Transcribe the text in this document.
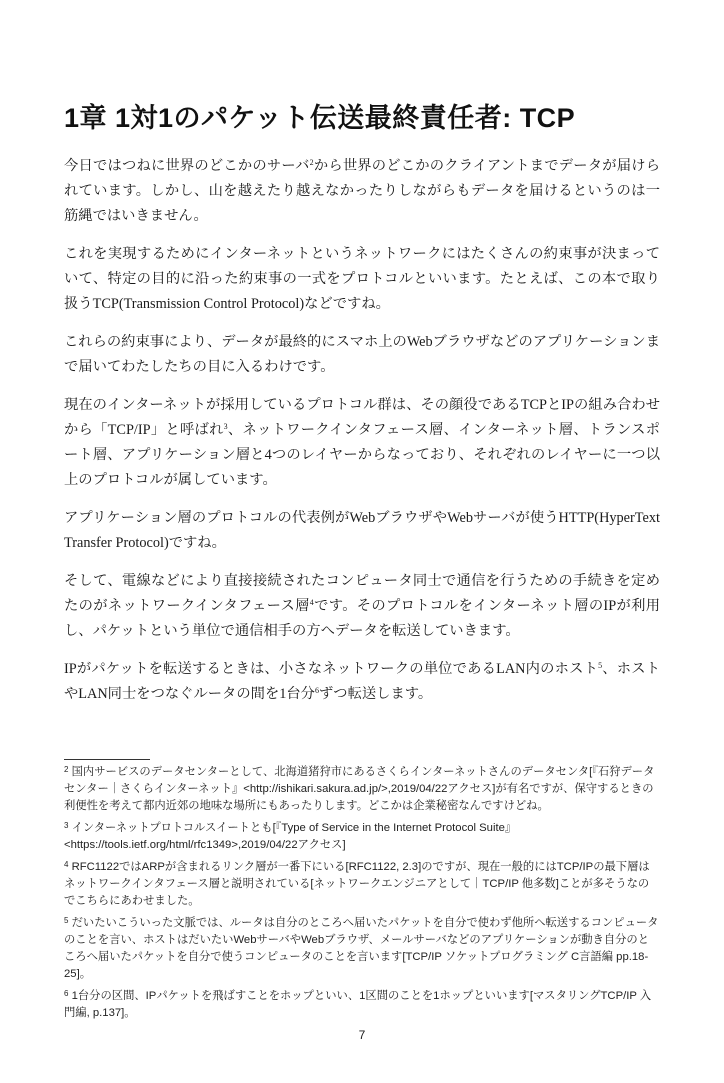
1章 1対1のパケット伝送最終責任者: TCP

今日ではつねに世界のどこかのサーバ$^2$から世界のどこかのクライアントまでデータが届けられています。しかし、山を越えたり越えなかったりしながらもデータを届けるというのは一筋縄ではいきません。

これを実現するためにインターネットというネットワークにはたくさんの約束事が決まっていて、特定の目的に沿った約束事の一式をプロトコルといいます。たとえば、この本で取り扱うTCP(Transmission Control Protocol)などですね。

これらの約束事により、データが最終的にスマホ上のWebブラウザなどのアプリケーションまで届いてわたしたちの目に入るわけです。

現在のインターネットが採用しているプロトコル群は、その顔役であるTCPとIPの組み合わせから「TCP/IP」と呼ばれ$^3$、ネットワークインタフェース層、インターネット層、トランスポート層、アプリケーション層と4つのレイヤーからなっており、それぞれのレイヤーに一つ以上のプロトコルが属しています。

アプリケーション層のプロトコルの代表例がWebブラウザやWebサーバが使うHTTP(HyperText Transfer Protocol)ですね。

そして、電線などにより直接接続されたコンピュータ同士で通信を行うための手続きを定めたのがネットワークインタフェース層$^4$です。そのプロトコルをインターネット層のIPが利用し、パケットという単位で通信相手の方へデータを転送していきます。

IPがパケットを転送するときは、小さなネットワークの単位であるLAN内のホスト$^5$、ホストやLAN同士をつなぐルータの間を1台分$^6$ずつ転送します。

$^2$ 国内サービスのデータセンターとして、北海道猪狩市にあるさくらインターネットさんのデータセンタ[『石狩データセンター｜さくらインターネット』<http://ishikari.sakura.ad.jp/>,2019/04/22アクセス]が有名ですが、保守するときの利便性を考えて都内近郊の地味な場所にもあったりします。どこかは企業秘密なんですけどね。

$^3$ インターネットプロトコルスイートとも[『Type of Service in the Internet Protocol Suite』<https://tools.ietf.org/html/rfc1349>,2019/04/22アクセス]

$^4$ RFC1122ではARPが含まれるリンク層が一番下にいる[RFC1122, 2.3]のですが、現在一般的にはTCP/IPの最下層はネットワークインタフェース層と説明されている[ネットワークエンジニアとして｜TCP/IP 他多数]ことが多そうなのでこちらにあわせました。

$^5$ だいたいこういった文脈では、ルータは自分のところへ届いたパケットを自分で使わず他所へ転送するコンピュータのことを言い、ホストはだいたいWebサーバやWebブラウザ、メールサーバなどのアプリケーションが動き自分のところへ届いたパケットを自分で使うコンピュータのことを言います[TCP/IP ソケットプログラミング C言語編 pp.18-25]。

$^6$ 1台分の区間、IPパケットを飛ばすことをホップといい、1区間のことを1ホップといいます[マスタリングTCP/IP 入門編, p.137]。

7
